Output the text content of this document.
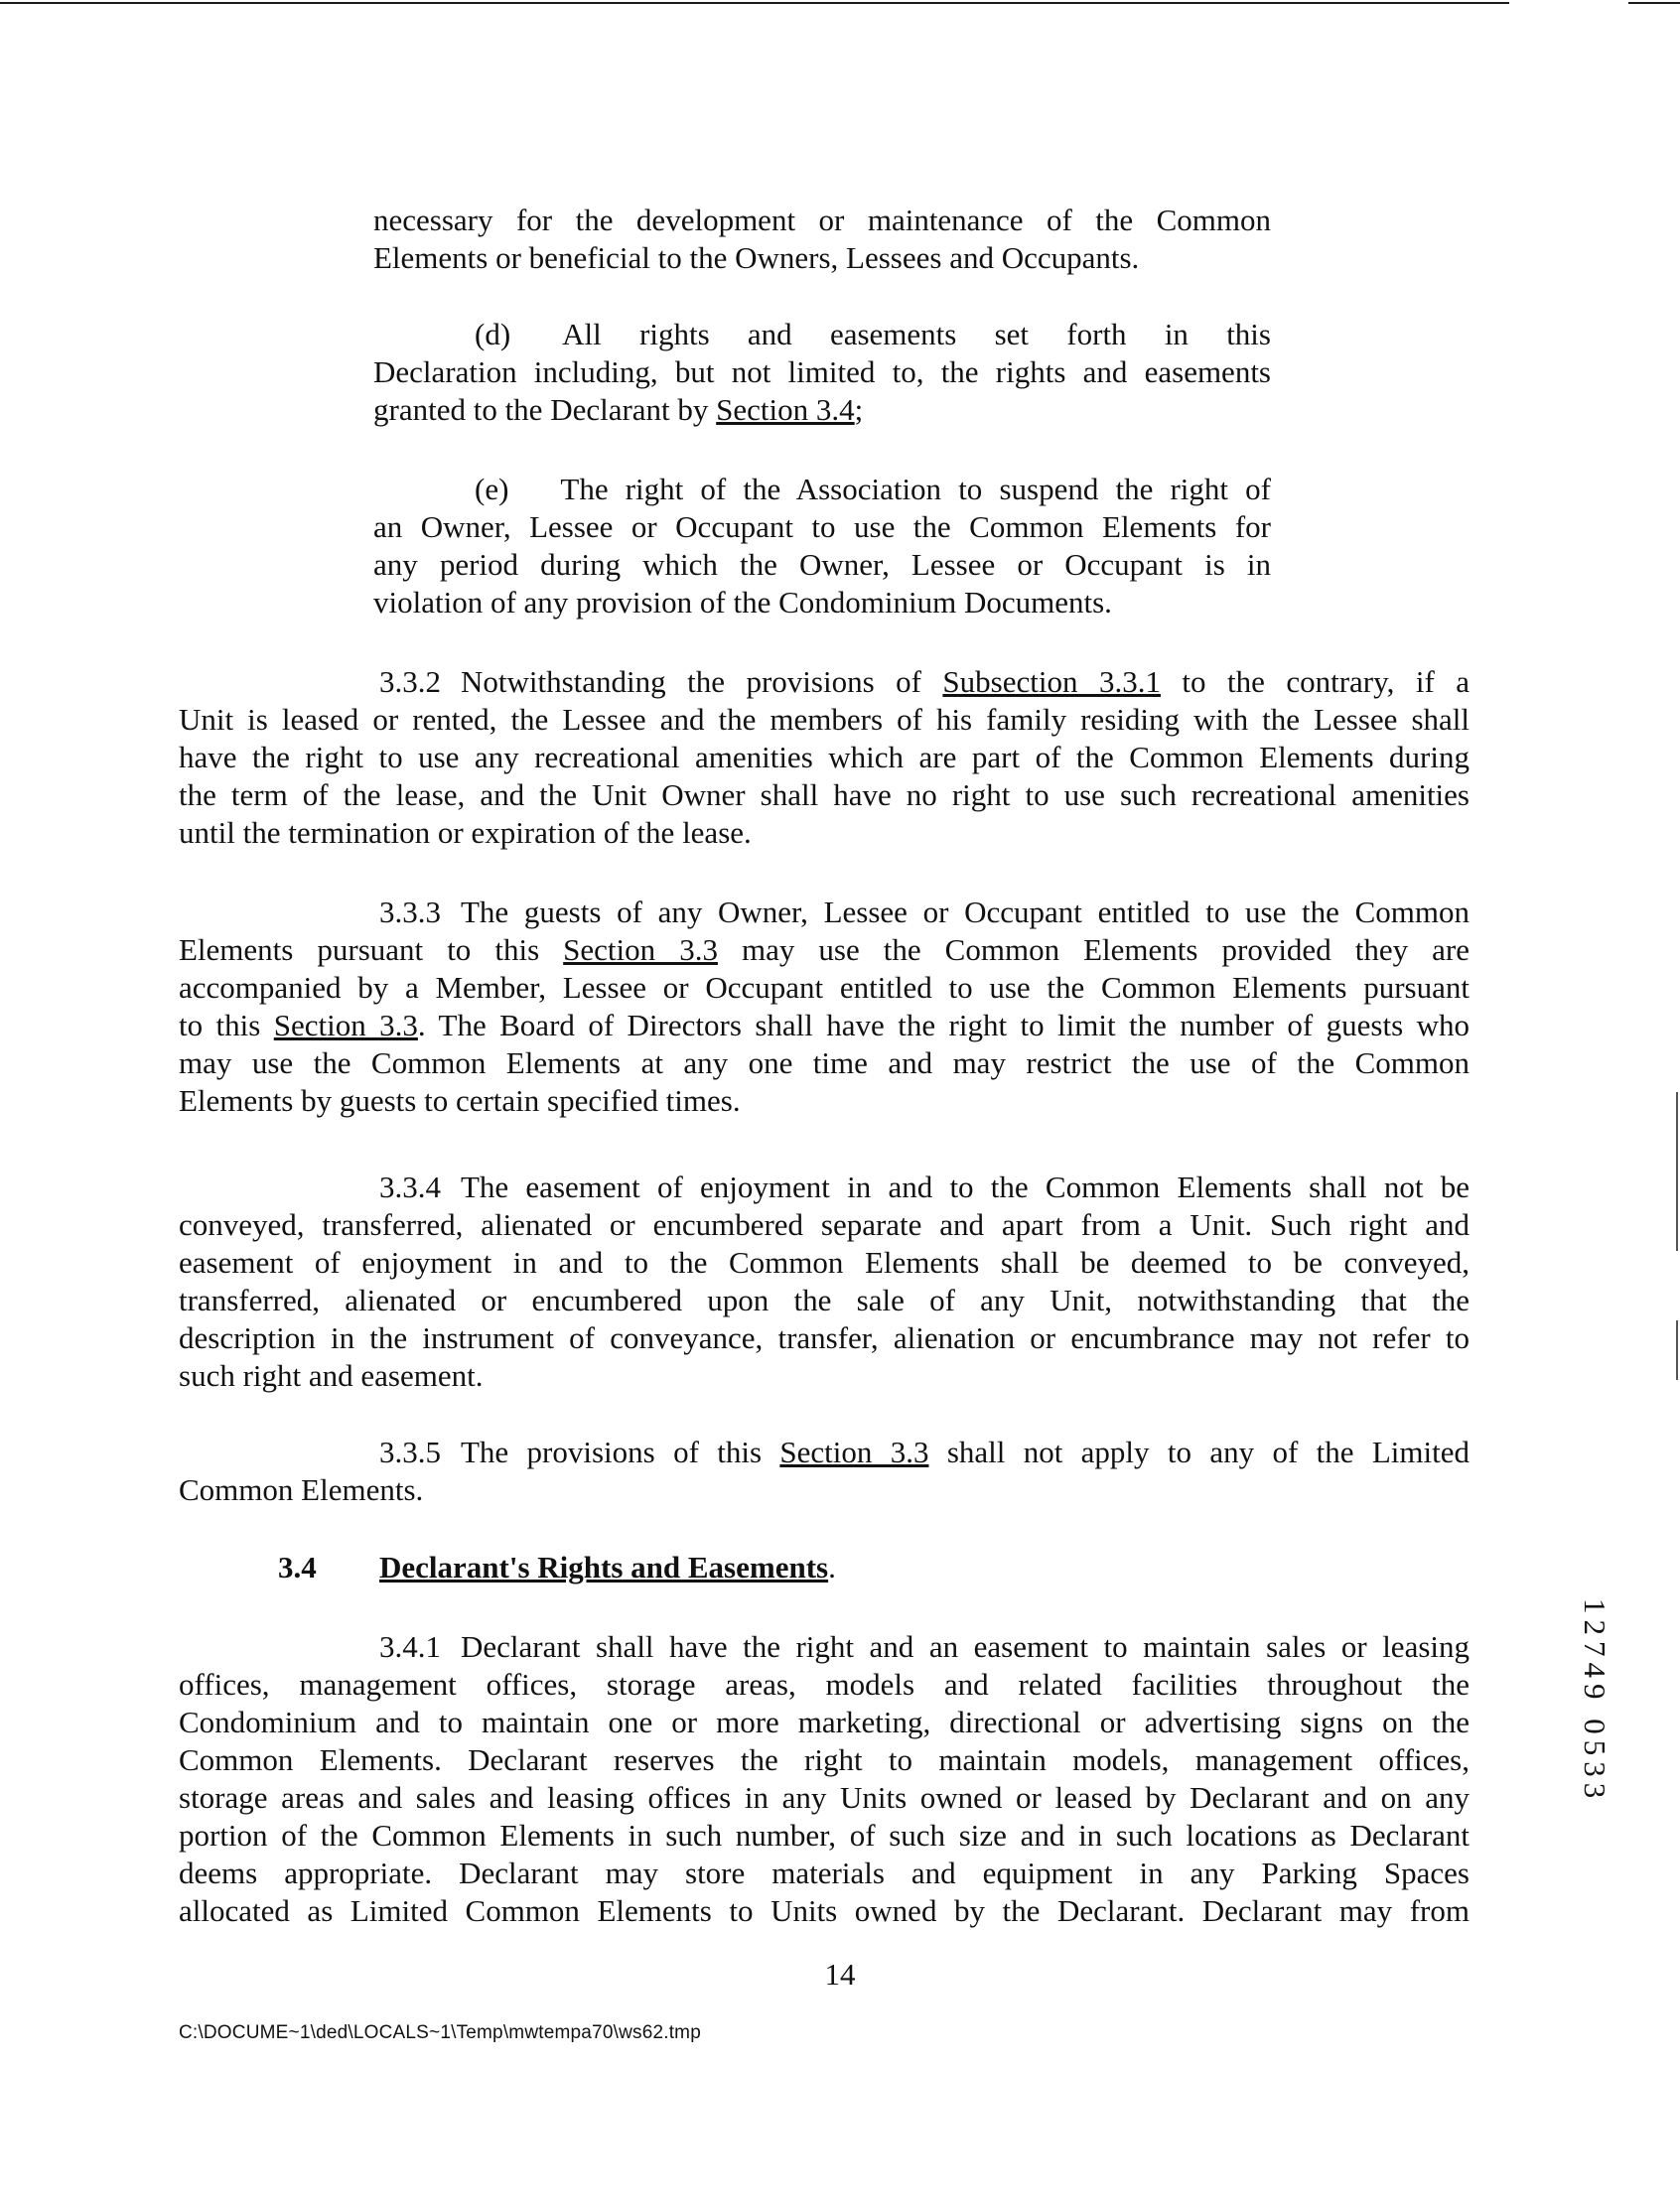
necessary for the development or maintenance of the Common
Elements or beneficial to the Owners, Lessees and Occupants.
(d) All rights and easements set forth in this
Declaration including, but not limited to, the rights and easements
granted to the Declarant by Section 3.4;
(e) The right of the Association to suspend the right of
an Owner, Lessee or Occupant to use the Common Elements for
any period during which the Owner, Lessee or Occupant is in
violation of any provision of the Condominium Documents.
3.3.2 Notwithstanding the provisions of Subsection 3.3.1 to the contrary, if a
Unit is leased or rented, the Lessee and the members of his family residing with the Lessee shall
have the right to use any recreational amenities which are part of the Common Elements during
the term of the lease, and the Unit Owner shall have no right to use such recreational amenities
until the termination or expiration of the lease.
3.3.3 The guests of any Owner, Lessee or Occupant entitled to use the Common
Elements pursuant to this Section 3.3 may use the Common Elements provided they are
accompanied by a Member, Lessee or Occupant entitled to use the Common Elements pursuant
to this Section 3.3. The Board of Directors shall have the right to limit the number of guests who
may use the Common Elements at any one time and may restrict the use of the Common
Elements by guests to certain specified times.
3.3.4 The easement of enjoyment in and to the Common Elements shall not be
conveyed, transferred, alienated or encumbered separate and apart from a Unit. Such right and
easement of enjoyment in and to the Common Elements shall be deemed to be conveyed,
transferred, alienated or encumbered upon the sale of any Unit, notwithstanding that the
description in the instrument of conveyance, transfer, alienation or encumbrance may not refer to
such right and easement.
3.3.5 The provisions of this Section 3.3 shall not apply to any of the Limited
Common Elements.
3.4 Declarant's Rights and Easements.
3.4.1 Declarant shall have the right and an easement to maintain sales or leasing
offices, management offices, storage areas, models and related facilities throughout the
Condominium and to maintain one or more marketing, directional or advertising signs on the
Common Elements. Declarant reserves the right to maintain models, management offices,
storage areas and sales and leasing offices in any Units owned or leased by Declarant and on any
portion of the Common Elements in such number, of such size and in such locations as Declarant
deems appropriate. Declarant may store materials and equipment in any Parking Spaces
allocated as Limited Common Elements to Units owned by the Declarant. Declarant may from
14
C:\DOCUME~1\ded\LOCALS~1\Temp\mwtempa70\ws62.tmp
12749 0533
